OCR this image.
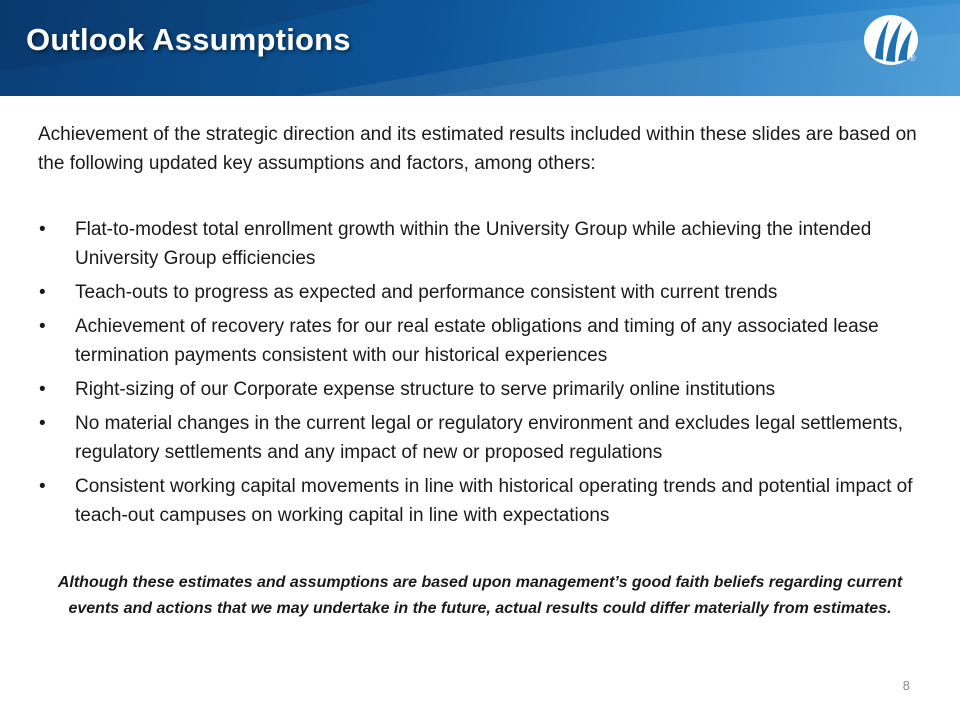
Outlook Assumptions
®
Achievement of the strategic direction and its estimated results included within these slides are based on the following updated key assumptions and factors, among others:
• Flat-to-modest total enrollment growth within the University Group while achieving the intended University Group efficiencies
• Teach-outs to progress as expected and performance consistent with current trends
• Achievement of recovery rates for our real estate obligations and timing of any associated lease termination payments consistent with our historical experiences
• Right-sizing of our Corporate expense structure to serve primarily online institutions
• No material changes in the current legal or regulatory environment and excludes legal settlements, regulatory settlements and any impact of new or proposed regulations
• Consistent working capital movements in line with historical operating trends and potential impact of teach-out campuses on working capital in line with expectations
Although these estimates and assumptions are based upon management’s good faith beliefs regarding current events and actions that we may undertake in the future, actual results could differ materially from estimates.
8
